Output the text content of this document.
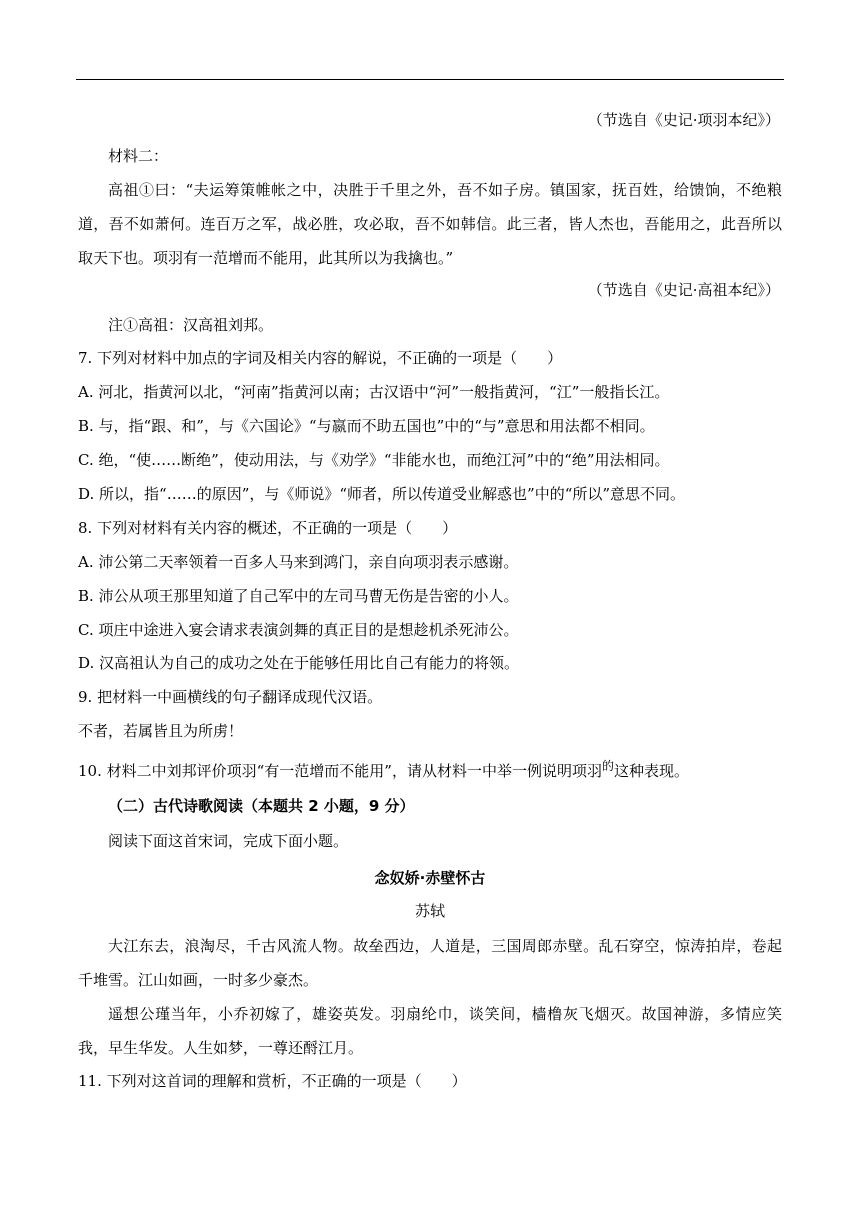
（节选自《史记·项羽本纪》）
材料二：
高祖①曰：“夫运筹策帷帐之中，决胜于千里之外，吾不如子房。镇国家，抚百姓，给馈饷，不绝粮道，吾不如萧何。连百万之军，战必胜，攻必取，吾不如韩信。此三者，皆人杰也，吾能用之，此吾所以取天下也。项羽有一范增而不能用，此其所以为我擒也。”
（节选自《史记·高祖本纪》）
注①高祖：汉高祖刘邦。
7. 下列对材料中加点的字词及相关内容的解说，不正确的一项是（　　）
A. 河北，指黄河以北，“河南”指黄河以南；古汉语中“河”一般指黄河，“江”一般指长江。
B. 与，指“跟、和”，与《六国论》“与嬴而不助五国也”中的“与”意思和用法都不相同。
C. 绝，“使……断绝”，使动用法，与《劝学》“非能水也，而绝江河”中的“绝”用法相同。
D. 所以，指“……的原因”，与《师说》“师者，所以传道受业解惑也”中的“所以”意思不同。
8. 下列对材料有关内容的概述，不正确的一项是（　　）
A. 沛公第二天率领着一百多人马来到鸿门，亲自向项羽表示感谢。
B. 沛公从项王那里知道了自己军中的左司马曹无伤是告密的小人。
C. 项庄中途进入宴会请求表演剑舞的真正目的是想趁机杀死沛公。
D. 汉高祖认为自己的成功之处在于能够任用比自己有能力的将领。
9. 把材料一中画横线的句子翻译成现代汉语。
不者，若属皆且为所虏！
10. 材料二中刘邦评价项羽“有一范增而不能用”，请从材料一中举一例说明项羽$^的$这种表现。
（二）古代诗歌阅读（本题共 2 小题，9 分）
阅读下面这首宋词，完成下面小题。
念奴娇·赤壁怀古
苏轼
大江东去，浪淘尽，千古风流人物。故垒西边，人道是，三国周郎赤壁。乱石穿空，惊涛拍岸，卷起千堆雪。江山如画，一时多少豪杰。
遥想公瑾当年，小乔初嫁了，雄姿英发。羽扇纶巾，谈笑间，樯橹灰飞烟灭。故国神游，多情应笑我，早生华发。人生如梦，一尊还酹江月。
11. 下列对这首词的理解和赏析，不正确的一项是（　　）
